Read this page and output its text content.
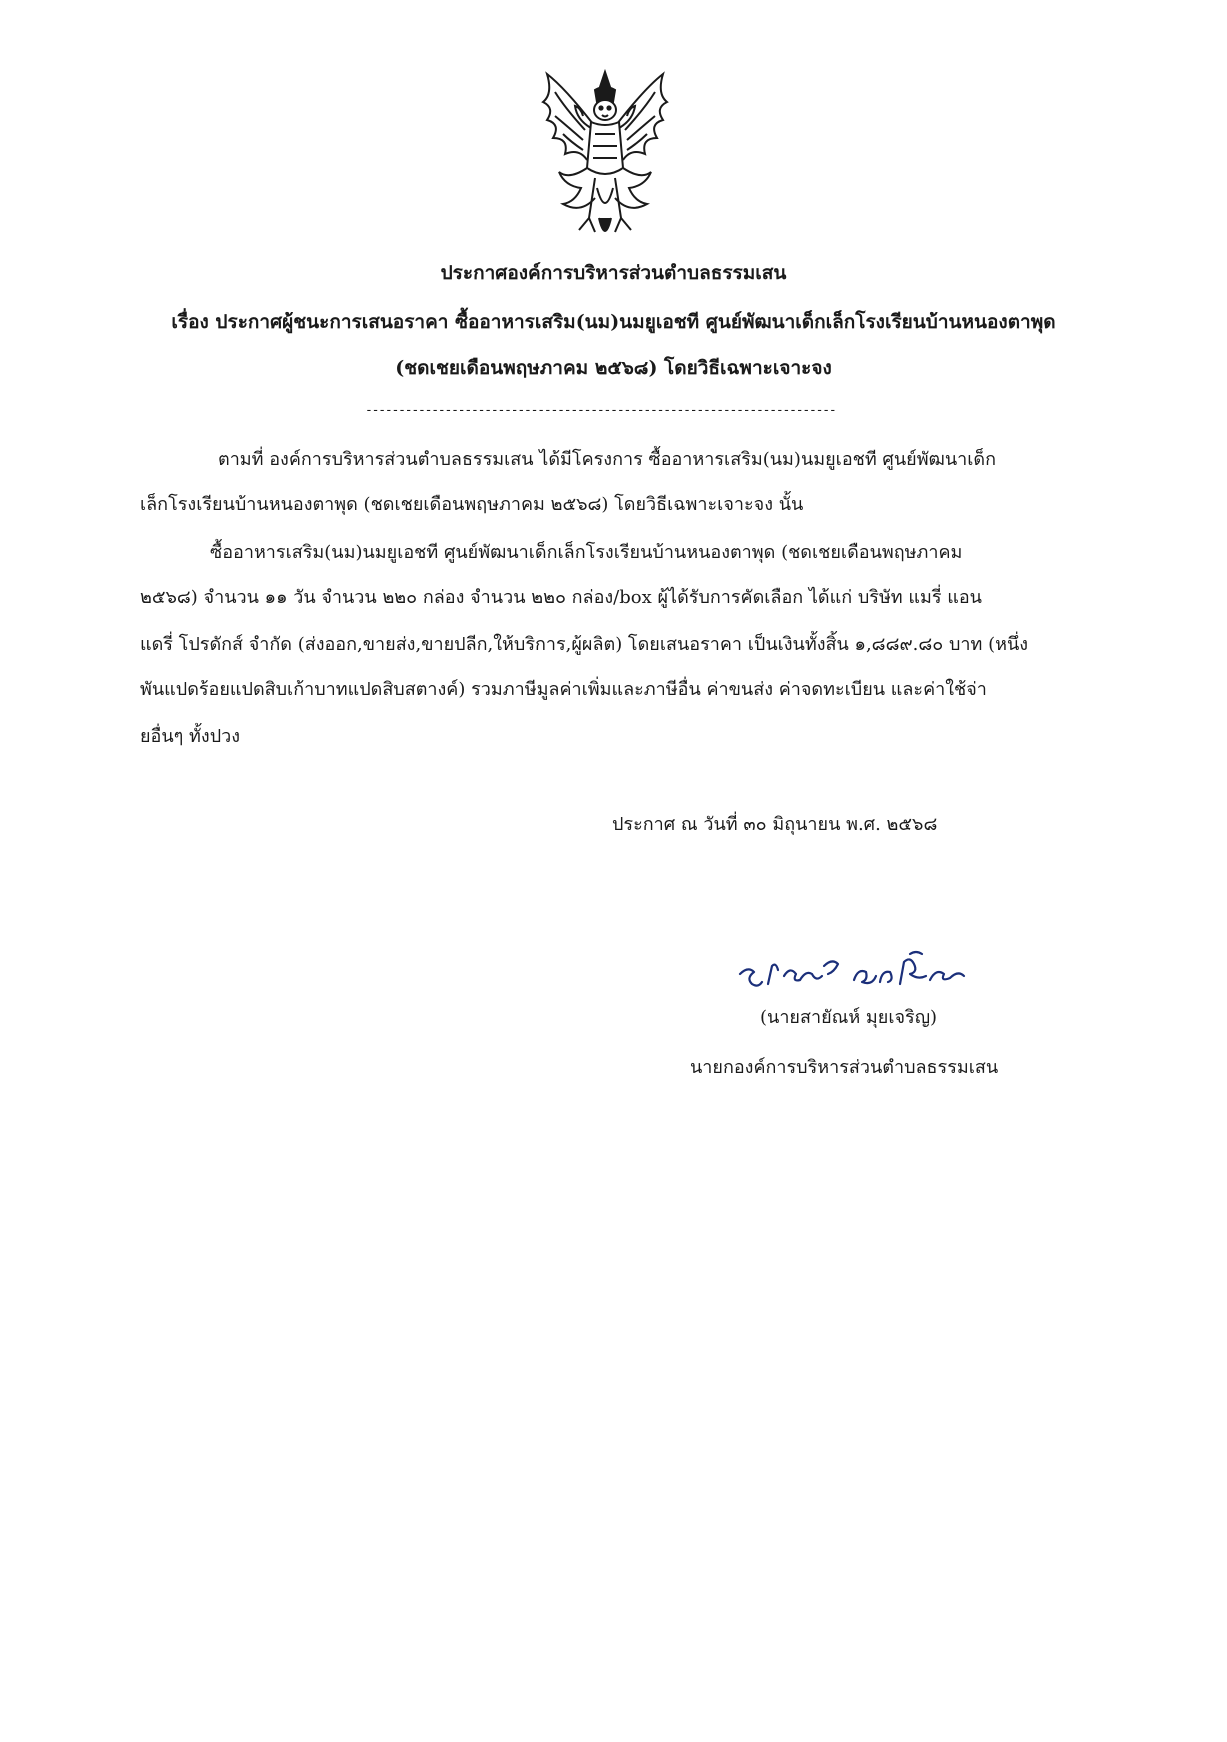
ประกาศองค์การบริหารส่วนตำบลธรรมเสน
เรื่อง ประกาศผู้ชนะการเสนอราคา ซื้ออาหารเสริม(นม)นมยูเอชที ศูนย์พัฒนาเด็กเล็กโรงเรียนบ้านหนองตาพุด
(ชดเชยเดือนพฤษภาคม ๒๕๖๘) โดยวิธีเฉพาะเจาะจง
-----------------------------------------------------------------------
ตามที่ องค์การบริหารส่วนตำบลธรรมเสน ได้มีโครงการ ซื้ออาหารเสริม(นม)นมยูเอชที ศูนย์พัฒนาเด็ก
เล็กโรงเรียนบ้านหนองตาพุด (ชดเชยเดือนพฤษภาคม ๒๕๖๘) โดยวิธีเฉพาะเจาะจง นั้น
ซื้ออาหารเสริม(นม)นมยูเอชที ศูนย์พัฒนาเด็กเล็กโรงเรียนบ้านหนองตาพุด (ชดเชยเดือนพฤษภาคม
๒๕๖๘) จำนวน ๑๑ วัน จำนวน ๒๒๐ กล่อง จำนวน ๒๒๐ กล่อง/box ผู้ได้รับการคัดเลือก ได้แก่ บริษัท แมรี่ แอน
แดรี่ โปรดักส์ จำกัด (ส่งออก,ขายส่ง,ขายปลีก,ให้บริการ,ผู้ผลิต) โดยเสนอราคา เป็นเงินทั้งสิ้น ๑,๘๘๙.๘๐ บาท (หนึ่ง
พันแปดร้อยแปดสิบเก้าบาทแปดสิบสตางค์) รวมภาษีมูลค่าเพิ่มและภาษีอื่น ค่าขนส่ง ค่าจดทะเบียน และค่าใช้จ่า
ยอื่นๆ ทั้งปวง
ประกาศ ณ วันที่ ๓๐ มิถุนายน พ.ศ. ๒๕๖๘
(นายสายัณห์ มุยเจริญ)
นายกองค์การบริหารส่วนตำบลธรรมเสน
